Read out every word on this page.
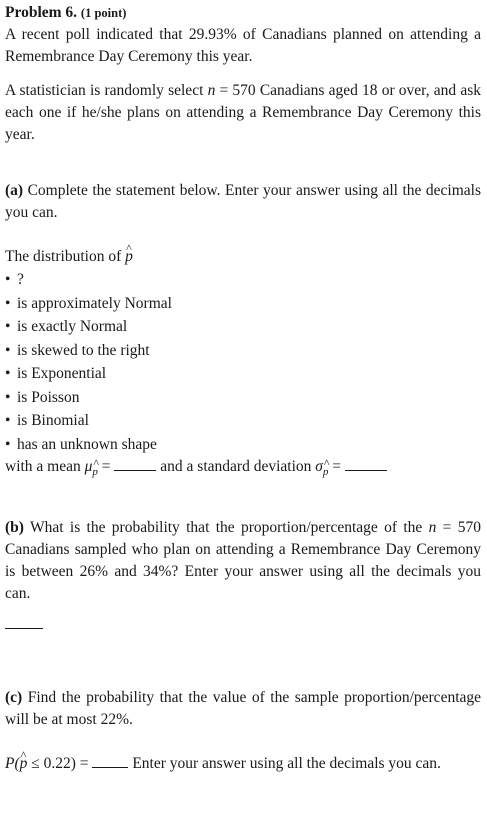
Problem 6. (1 point)

A recent poll indicated that 29.93% of Canadians planned on attending a Remembrance Day Ceremony this year.

A statistician is randomly select n = 570 Canadians aged 18 or over, and ask each one if he/she plans on attending a Remembrance Day Ceremony this year.

(a) Complete the statement below. Enter your answer using all the decimals you can.

The distribution of ^ p
• ?
• is approximately Normal
• is exactly Normal
• is skewed to the right
• is Exponential
• is Poisson
• is Binomial
• has an unknown shape
with a mean μ^ p =	and a standard deviation σ^ p =

(b) What is the probability that the proportion/percentage of the n = 570 Canadians sampled who plan on attending a Remembrance Day Ceremony is between 26% and 34%? Enter your answer using all the decimals you can.

(c) Find the probability that the value of the sample proportion/percentage will be at most 22%.

P(^ p ≤ 0.22) =  Enter your answer using all the decimals you can.
